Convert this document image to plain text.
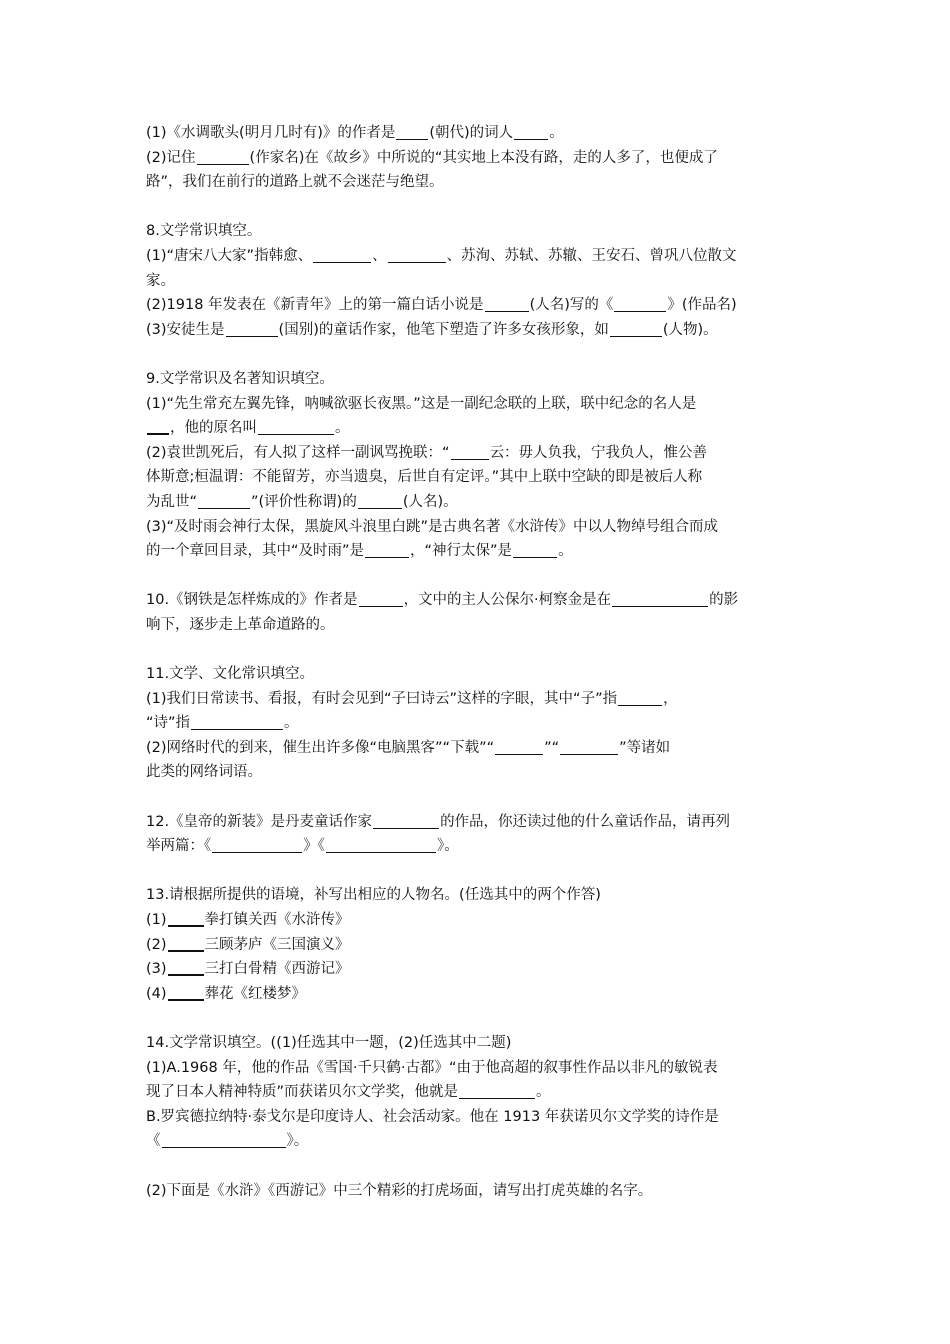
(1)《水调歌头(明月几时有)》的作者是 (朝代)的词人 。
(2)记住	(作家名)在《故乡》中所说的“其实地上本没有路，走的人多了，也便成了
路”，我们在前行的道路上就不会迷茫与绝望。
8.文学常识填空。
(1)“唐宋八大家”指韩愈、	、	、苏洵、苏轼、苏辙、王安石、曾巩八位散文
家。
(2)1918 年发表在《新青年》上的第一篇白话小说是	(人名)写的《	》(作品名)
(3)安徒生是	(国别)的童话作家，他笔下塑造了许多女孩形象，如	(人物)。
9.文学常识及名著知识填空。
(1)“先生常充左翼先锋，呐喊欲驱长夜黑。”这是一副纪念联的上联，联中纪念的名人是
，他的原名叫	。
(2)袁世凯死后，有人拟了这样一副讽骂挽联：“	云：毋人负我，宁我负人，惟公善
体斯意;桓温谓：不能留芳，亦当遗臭，后世自有定评。”其中上联中空缺的即是被后人称
为乱世“	”(评价性称谓)的	(人名)。
(3)“及时雨会神行太保，黑旋风斗浪里白跳”是古典名著《水浒传》中以人物绰号组合而成
的一个章回目录，其中“及时雨”是	，“神行太保”是	。
10.《钢铁是怎样炼成的》作者是	，文中的主人公保尔·柯察金是在	的影
响下，逐步走上革命道路的。
11.文学、文化常识填空。
(1)我们日常读书、看报，有时会见到“子曰诗云”这样的字眼，其中“子”指	，
“诗”指	。
(2)网络时代的到来，催生出许多像“电脑黑客”“下载”“	”“	”等诸如
此类的网络词语。
12.《皇帝的新装》是丹麦童话作家	的作品，你还读过他的什么童话作品，请再列
举两篇：《	》《	》。
13.请根据所提供的语境，补写出相应的人物名。(任选其中的两个作答)
(1)	拳打镇关西《水浒传》
(2)	三顾茅庐《三国演义》
(3)	三打白骨精《西游记》
(4)	葬花《红楼梦》
14.文学常识填空。((1)任选其中一题，(2)任选其中二题)
(1)A.1968 年，他的作品《雪国·千只鹤·古都》“由于他高超的叙事性作品以非凡的敏锐表
现了日本人精神特质”而获诺贝尔文学奖，他就是	。
B.罗宾德拉纳特·泰戈尔是印度诗人、社会活动家。他在 1913 年获诺贝尔文学奖的诗作是
《	》。
(2)下面是《水浒》《西游记》中三个精彩的打虎场面，请写出打虎英雄的名字。
